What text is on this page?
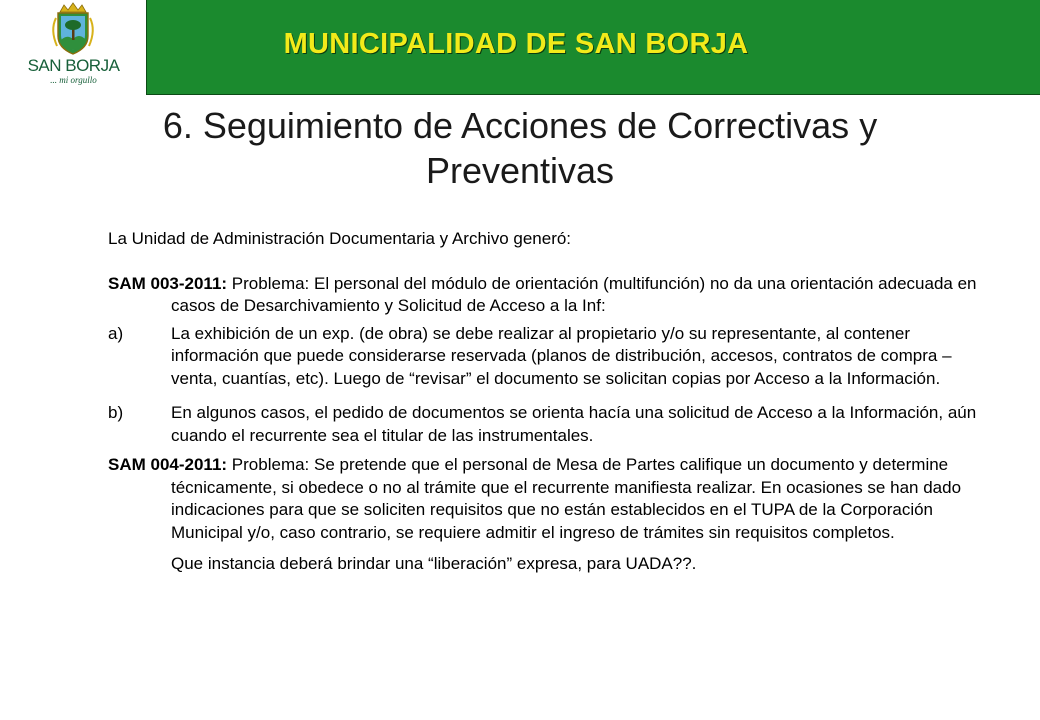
SAN BORJA
... mi orgullo
MUNICIPALIDAD DE SAN BORJA
6. Seguimiento de Acciones de Correctivas y
Preventivas

La Unidad de Administración Documentaria y Archivo generó:

SAM 003-2011: Problema: El personal del módulo de orientación (multifunción) no da una orientación adecuada en casos de Desarchivamiento y Solicitud de Acceso a la Inf:

a)	La exhibición de un exp. (de obra) se debe realizar al propietario y/o su representante, al contener información que puede considerarse reservada (planos de distribución, accesos, contratos de compra – venta, cuantías, etc). Luego de “revisar” el documento se solicitan copias por Acceso a la Información.
b)	En algunos casos, el pedido de documentos se orienta hacía una solicitud de Acceso a la Información, aún cuando el recurrente sea el titular de las instrumentales.

SAM 004-2011: Problema: Se pretende que el personal de Mesa de Partes califique un documento y determine técnicamente, si obedece o no al trámite que el recurrente manifiesta realizar. En ocasiones se han dado indicaciones para que se soliciten requisitos que no están establecidos en el TUPA de la Corporación Municipal y/o, caso contrario, se requiere admitir el ingreso de trámites sin requisitos completos.

Que instancia deberá brindar una “liberación” expresa, para UADA??.
